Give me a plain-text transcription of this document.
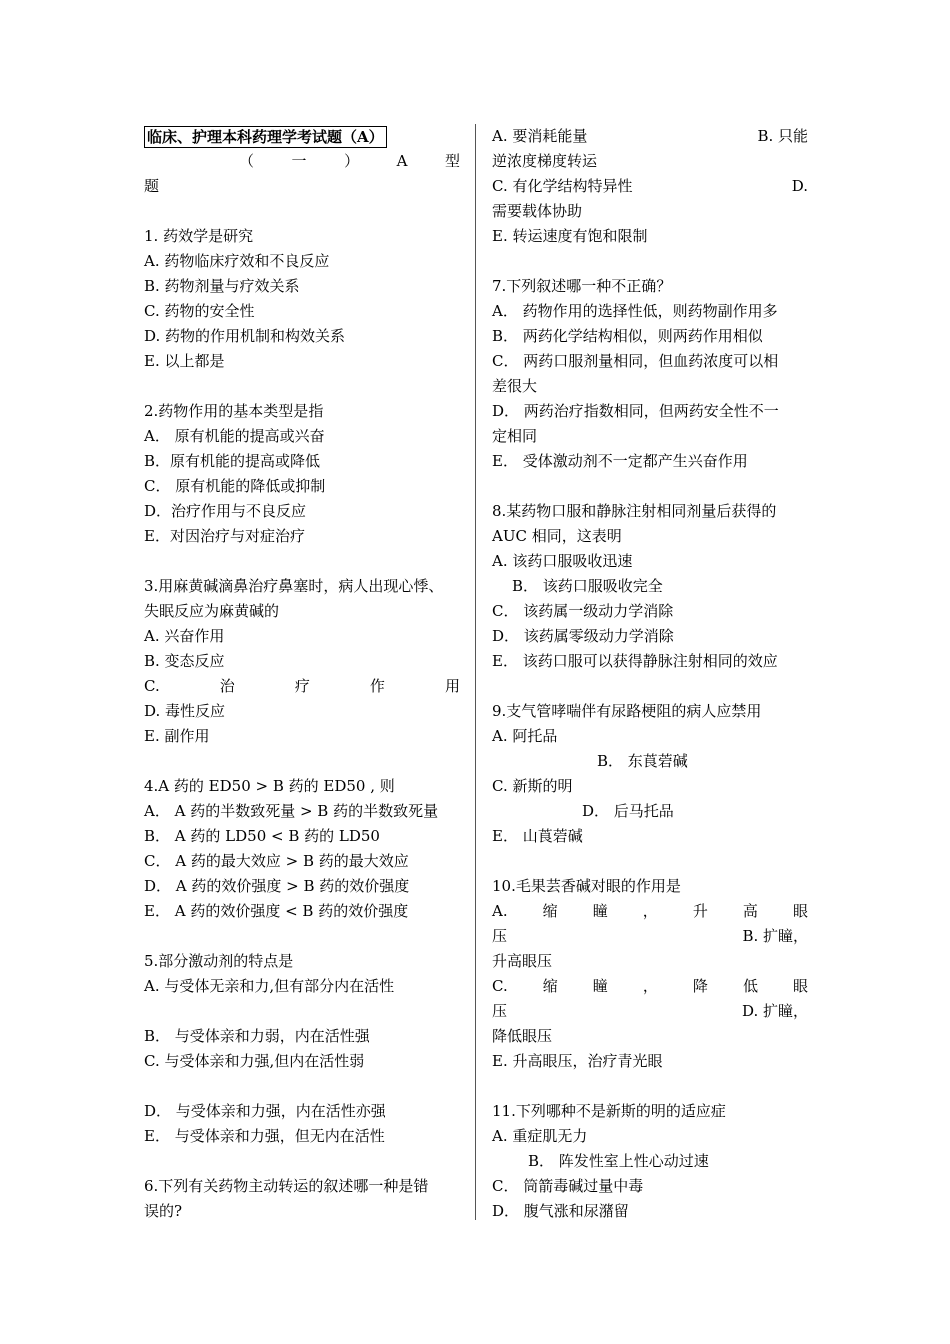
临床、护理本科药理学考试题（A）
（	一	）	A	型
题
1. 药效学是研究
A. 药物临床疗效和不良反应
B. 药物剂量与疗效关系
C. 药物的安全性
D. 药物的作用机制和构效关系
E. 以上都是
2.药物作用的基本类型是指
A． 原有机能的提高或兴奋
B．原有机能的提高或降低
C． 原有机能的降低或抑制
D．治疗作用与不良反应
E．对因治疗与对症治疗
3.用麻黄碱滴鼻治疗鼻塞时，病人出现心悸、
失眠反应为麻黄碱的
A. 兴奋作用
B. 变态反应
C.	治	疗	作	用
D. 毒性反应
E. 副作用
4.A 药的 ED50 > B 药的 ED50 , 则
A． A 药的半数致死量 > B 药的半数致死量
B． A 药的 LD50 < B 药的 LD50
C． A 药的最大效应 > B 药的最大效应
D． A 药的效价强度 > B 药的效价强度
E． A 药的效价强度 < B 药的效价强度
5.部分激动剂的特点是
A. 与受体无亲和力,但有部分内在活性
B． 与受体亲和力弱，内在活性强
C. 与受体亲和力强,但内在活性弱
D． 与受体亲和力强，内在活性亦强
E． 与受体亲和力强，但无内在活性
6.下列有关药物主动转运的叙述哪一种是错
误的?
A. 要消耗能量	B. 只能
逆浓度梯度转运
C. 有化学结构特异性	D.
需要载体协助
E. 转运速度有饱和限制
7.下列叙述哪一种不正确？
A． 药物作用的选择性低，则药物副作用多
B． 两药化学结构相似，则两药作用相似
C． 两药口服剂量相同，但血药浓度可以相
差很大
D． 两药治疗指数相同，但两药安全性不一
定相同
E． 受体激动剂不一定都产生兴奋作用
8.某药物口服和静脉注射相同剂量后获得的
AUC 相同，这表明
A. 该药口服吸收迅速
B． 该药口服吸收完全
C． 该药属一级动力学消除
D． 该药属零级动力学消除
E． 该药口服可以获得静脉注射相同的效应
9.支气管哮喘伴有尿路梗阻的病人应禁用
A. 阿托品
B． 东莨菪碱
C. 新斯的明
D． 后马托品
E． 山莨菪碱
10.毛果芸香碱对眼的作用是
A. 缩 瞳 ， 升 高 眼
压	B. 扩瞳，
升高眼压
C. 缩 瞳 ， 降 低 眼
压	D. 扩瞳，
降低眼压
E. 升高眼压，治疗青光眼
11.下列哪种不是新斯的明的适应症
A. 重症肌无力
B． 阵发性室上性心动过速
C． 筒箭毒碱过量中毒
D． 腹气涨和尿潴留
